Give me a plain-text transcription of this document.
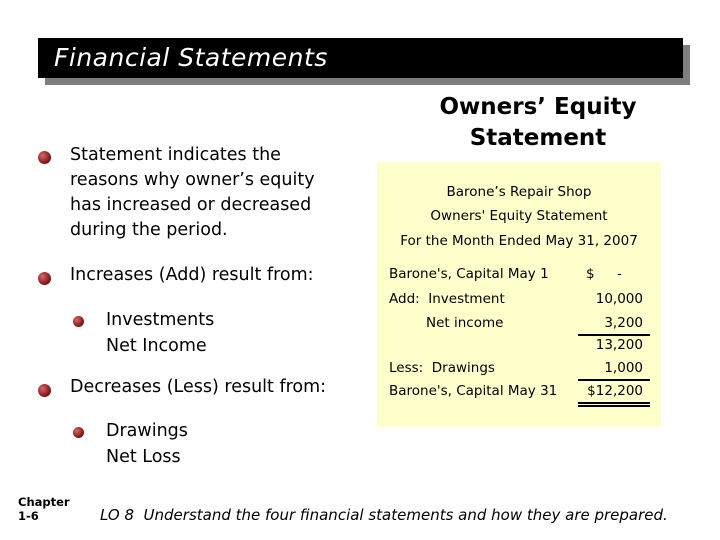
Financial Statements
Statement indicates the
reasons why owner’s equity
has increased or decreased
during the period.
Increases (Add) result from:
Investments
Net Income
Decreases (Less) result from:
Drawings
Net Loss
Owners’ Equity
Statement
Barone’s Repair Shop
Owners' Equity Statement
For the Month Ended May 31, 2007
Barone's, Capital May 1	$ -
Add:  Investment	10,000
Net income	3,200
13,200
Less:  Drawings	1,000
Barone's, Capital May 31	$12,200
Chapter
1-6	LO 8  Understand the four financial statements and how they are prepared.
